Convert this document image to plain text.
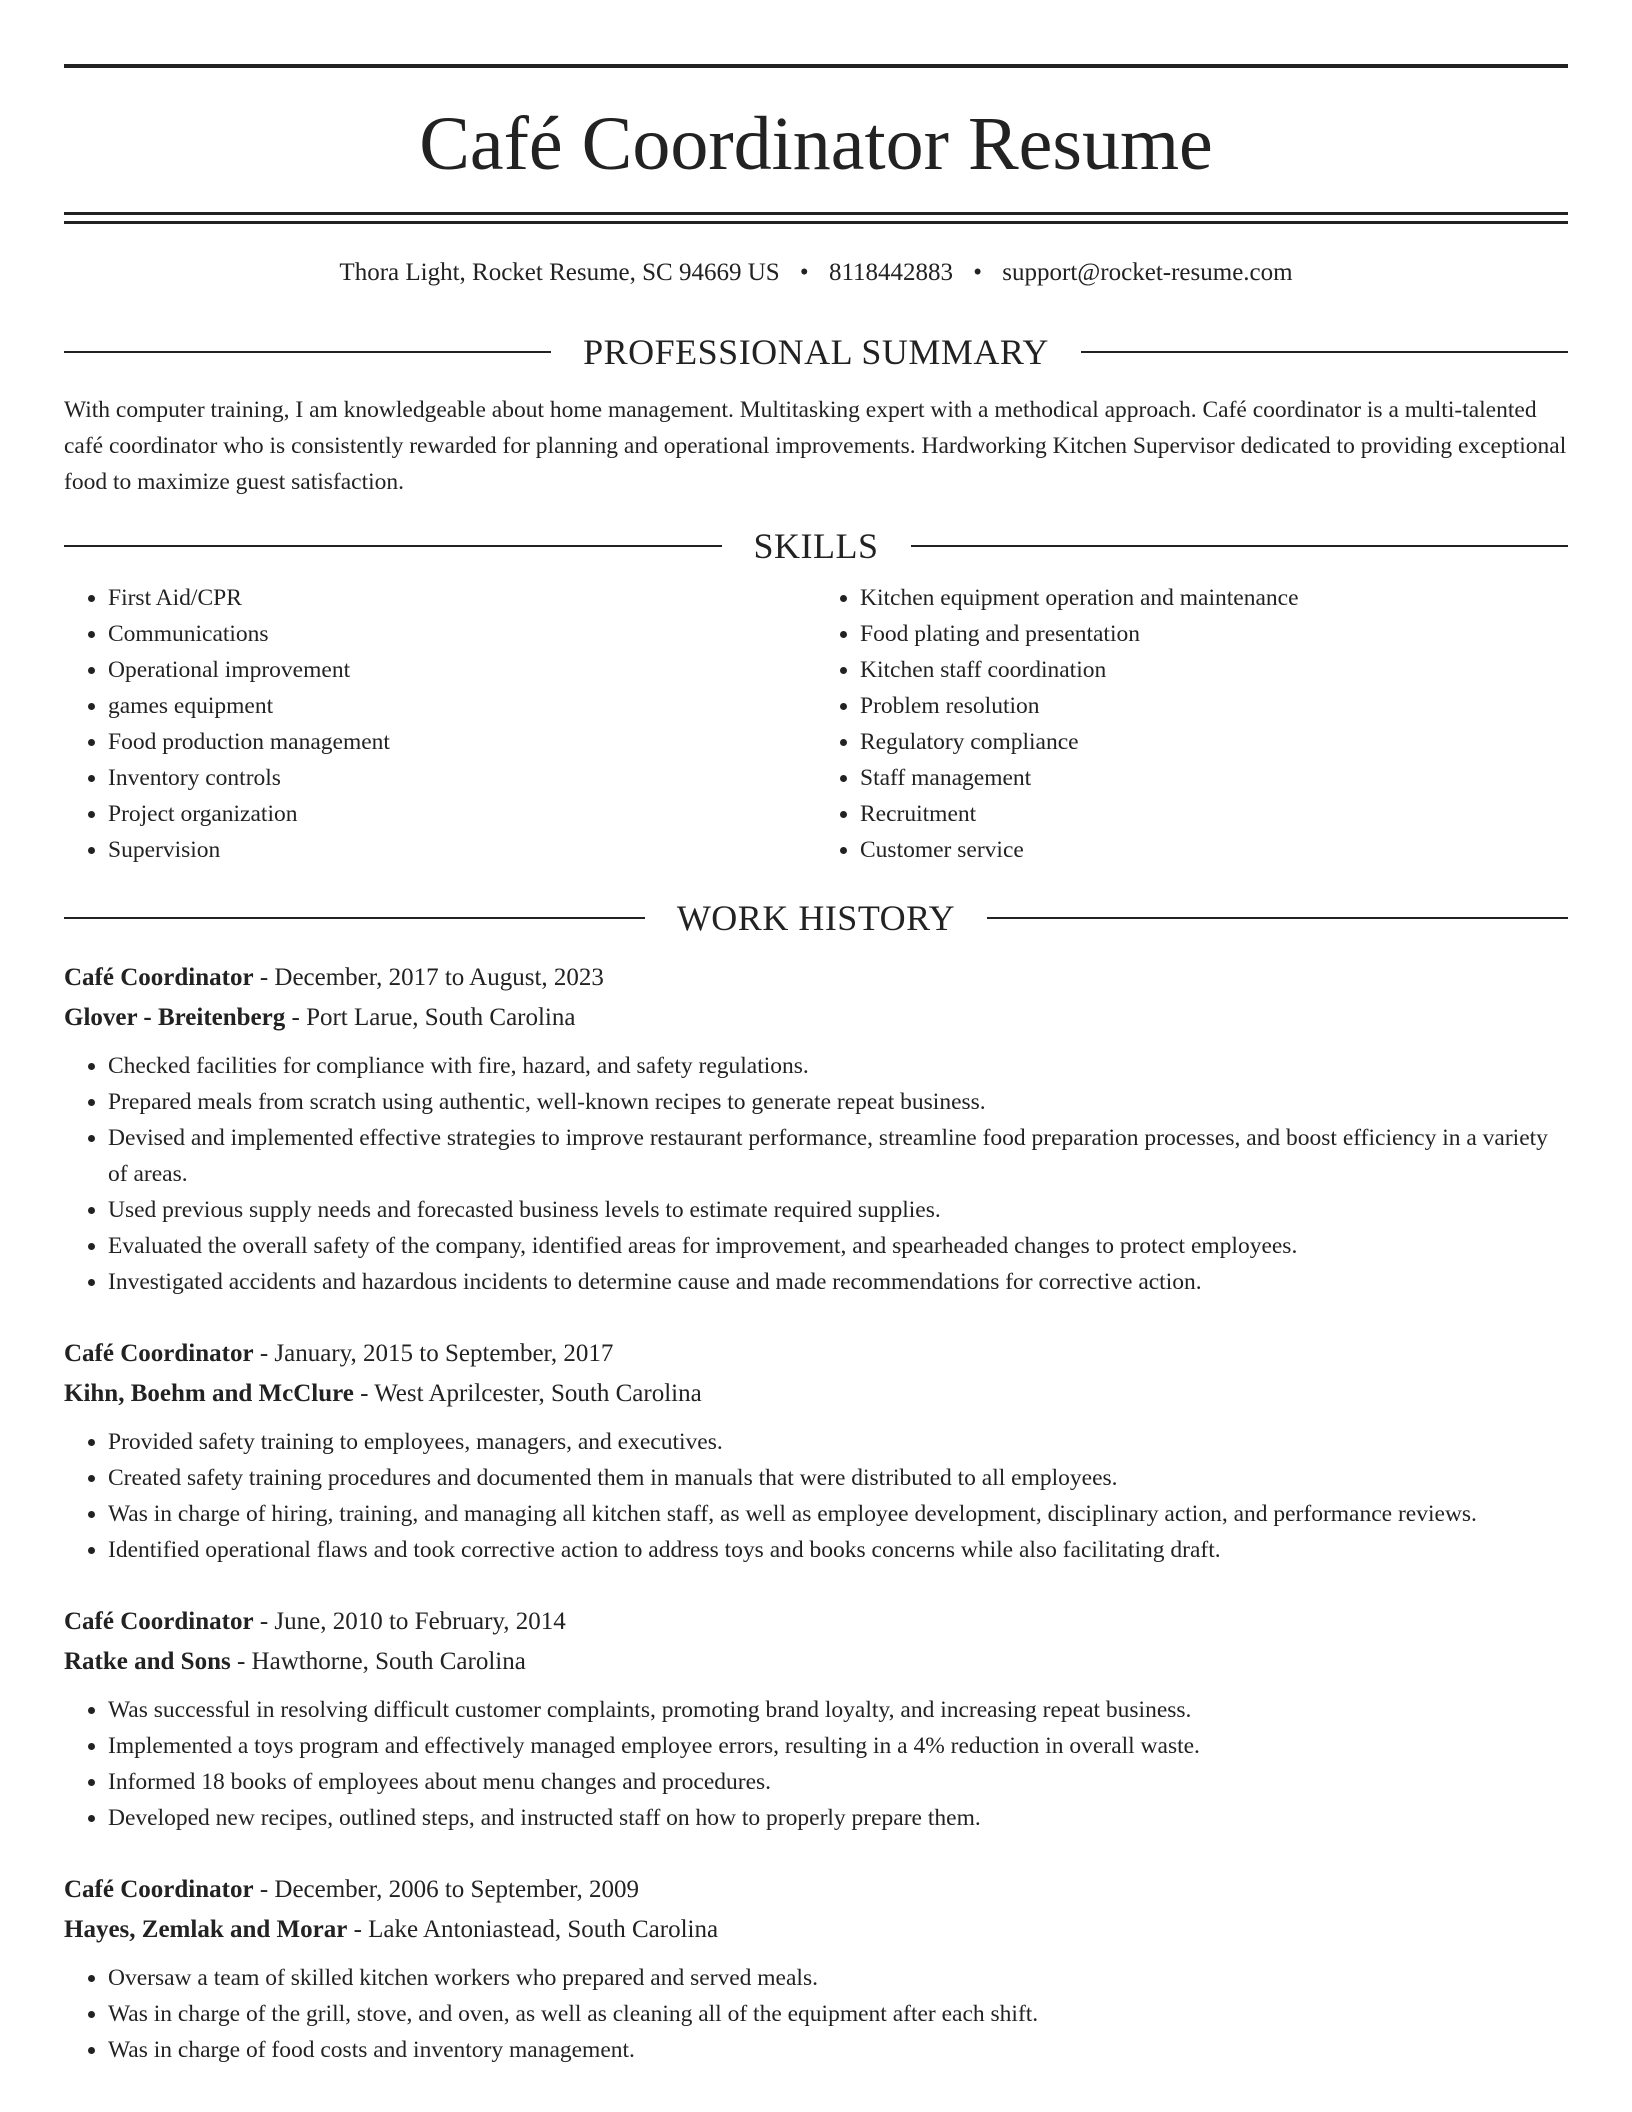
Café Coordinator Resume
Thora Light, Rocket Resume, SC 94669 US • 8118442883 • support@rocket-resume.com
PROFESSIONAL SUMMARY

With computer training, I am knowledgeable about home management. Multitasking expert with a methodical approach. Café coordinator is a multi-talented café coordinator who is consistently rewarded for planning and operational improvements. Hardworking Kitchen Supervisor dedicated to providing exceptional food to maximize guest satisfaction.

SKILLS
• First Aid/CPR
• Communications
• Operational improvement
• games equipment
• Food production management
• Inventory controls
• Project organization
• Supervision
• Kitchen equipment operation and maintenance
• Food plating and presentation
• Kitchen staff coordination
• Problem resolution
• Regulatory compliance
• Staff management
• Recruitment
• Customer service
WORK HISTORY
Café Coordinator - December, 2017 to August, 2023
Glover - Breitenberg - Port Larue, South Carolina
• Checked facilities for compliance with fire, hazard, and safety regulations.
• Prepared meals from scratch using authentic, well-known recipes to generate repeat business.
• Devised and implemented effective strategies to improve restaurant performance, streamline food preparation processes, and boost efficiency in a variety of areas.
• Used previous supply needs and forecasted business levels to estimate required supplies.
• Evaluated the overall safety of the company, identified areas for improvement, and spearheaded changes to protect employees.
• Investigated accidents and hazardous incidents to determine cause and made recommendations for corrective action.
Café Coordinator - January, 2015 to September, 2017
Kihn, Boehm and McClure - West Aprilcester, South Carolina
• Provided safety training to employees, managers, and executives.
• Created safety training procedures and documented them in manuals that were distributed to all employees.
• Was in charge of hiring, training, and managing all kitchen staff, as well as employee development, disciplinary action, and performance reviews.
• Identified operational flaws and took corrective action to address toys and books concerns while also facilitating draft.
Café Coordinator - June, 2010 to February, 2014
Ratke and Sons - Hawthorne, South Carolina
• Was successful in resolving difficult customer complaints, promoting brand loyalty, and increasing repeat business.
• Implemented a toys program and effectively managed employee errors, resulting in a 4% reduction in overall waste.
• Informed 18 books of employees about menu changes and procedures.
• Developed new recipes, outlined steps, and instructed staff on how to properly prepare them.
Café Coordinator - December, 2006 to September, 2009
Hayes, Zemlak and Morar - Lake Antoniastead, South Carolina
• Oversaw a team of skilled kitchen workers who prepared and served meals.
• Was in charge of the grill, stove, and oven, as well as cleaning all of the equipment after each shift.
• Was in charge of food costs and inventory management.
